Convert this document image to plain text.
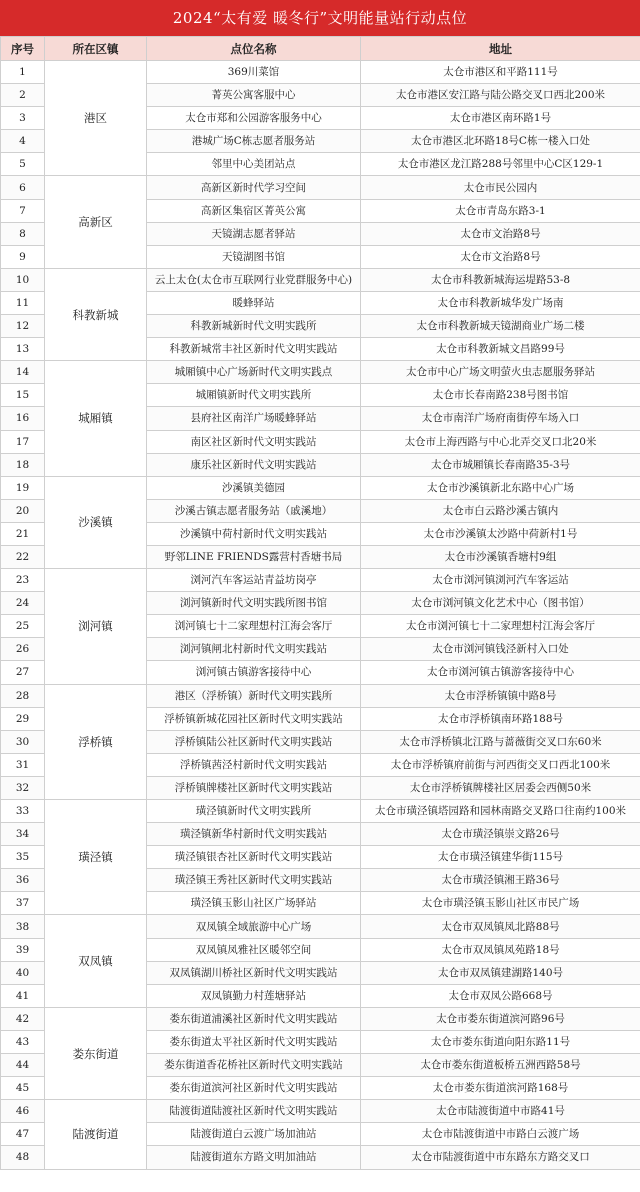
2024“太有爱 暖冬行”文明能量站行动点位
序号	所在区镇	点位名称	地址
1	港区	369川菜馆	太仓市港区和平路111号
2		菁英公寓客服中心	太仓市港区安江路与陆公路交叉口西北200米
3		太仓市郑和公园游客服务中心	太仓市港区南环路1号
4		港城广场C栋志愿者服务站	太仓市港区北环路18号C栋一楼入口处
5		邻里中心美团站点	太仓市港区龙江路288号邻里中心C区129-1
6	高新区	高新区新时代学习空间	太仓市民公园内
7		高新区集宿区菁英公寓	太仓市青岛东路3-1
8		天镜湖志愿者驿站	太仓市文治路8号
9		天镜湖图书馆	太仓市文治路8号
10	科教新城	云上太仓(太仓市互联网行业党群服务中心)	太仓市科教新城海运堤路53-8
11		暖蜂驿站	太仓市科教新城华发广场南
12		科教新城新时代文明实践所	太仓市科教新城天镜湖商业广场二楼
13		科教新城常丰社区新时代文明实践站	太仓市科教新城文昌路99号
14	城厢镇	城厢镇中心广场新时代文明实践点	太仓市中心广场文明萤火虫志愿服务驿站
15		城厢镇新时代文明实践所	太仓市长春南路238号图书馆
16		县府社区南洋广场暖蜂驿站	太仓市南洋广场府南街停车场入口
17		南区社区新时代文明实践站	太仓市上海西路与中心北弄交叉口北20米
18		康乐社区新时代文明实践站	太仓市城厢镇长春南路35-3号
19	沙溪镇	沙溪镇美德园	太仓市沙溪镇新北东路中心广场
20		沙溪古镇志愿者服务站（戚溪地）	太仓市白云路沙溪古镇内
21		沙溪镇中荷村新时代文明实践站	太仓市沙溪镇太沙路中荷新村1号
22		野邻LINE FRIENDS露营村香塘书局	太仓市沙溪镇香塘村9组
23	浏河镇	浏河汽车客运站青益坊岗亭	太仓市浏河镇浏河汽车客运站
24		浏河镇新时代文明实践所图书馆	太仓市浏河镇文化艺术中心（图书馆）
25		浏河镇七十二家理想村江海会客厅	太仓市浏河镇七十二家理想村江海会客厅
26		浏河镇闸北村新时代文明实践站	太仓市浏河镇钱泾新村入口处
27		浏河镇古镇游客接待中心	太仓市浏河镇古镇游客接待中心
28	浮桥镇	港区（浮桥镇）新时代文明实践所	太仓市浮桥镇镇中路8号
29		浮桥镇新城花园社区新时代文明实践站	太仓市浮桥镇南环路188号
30		浮桥镇陆公社区新时代文明实践站	太仓市浮桥镇北江路与蔷薇街交叉口东60米
31		浮桥镇茜泾村新时代文明实践站	太仓市浮桥镇府前街与河西街交叉口西北100米
32		浮桥镇牌楼社区新时代文明实践站	太仓市浮桥镇牌楼社区居委会西侧50米
33	璜泾镇	璜泾镇新时代文明实践所	太仓市璜泾镇塔园路和园林南路交叉路口往南约100米
34		璜泾镇新华村新时代文明实践站	太仓市璜泾镇崇文路26号
35		璜泾镇银杏社区新时代文明实践站	太仓市璜泾镇建华街115号
36		璜泾镇王秀社区新时代文明实践站	太仓市璜泾镇湘王路36号
37		璜泾镇玉影山社区广场驿站	太仓市璜泾镇玉影山社区市民广场
38	双凤镇	双凤镇全域旅游中心广场	太仓市双凤镇凤北路88号
39		双凤镇凤雅社区暖邻空间	太仓市双凤镇凤苑路18号
40		双凤镇湖川桥社区新时代文明实践站	太仓市双凤镇建湖路140号
41		双凤镇勤力村莲塘驿站	太仓市双凤公路668号
42	娄东街道	娄东街道浦溪社区新时代文明实践站	太仓市娄东街道滨河路96号
43		娄东街道太平社区新时代文明实践站	太仓市娄东街道向阳东路11号
44		娄东街道香花桥社区新时代文明实践站	太仓市娄东街道板桥五洲西路58号
45		娄东街道滨河社区新时代文明实践站	太仓市娄东街道滨河路168号
46	陆渡街道	陆渡街道陆渡社区新时代文明实践站	太仓市陆渡街道中市路41号
47		陆渡街道白云渡广场加油站	太仓市陆渡街道中市路白云渡广场
48		陆渡街道东方路文明加油站	太仓市陆渡街道中市东路东方路交叉口
